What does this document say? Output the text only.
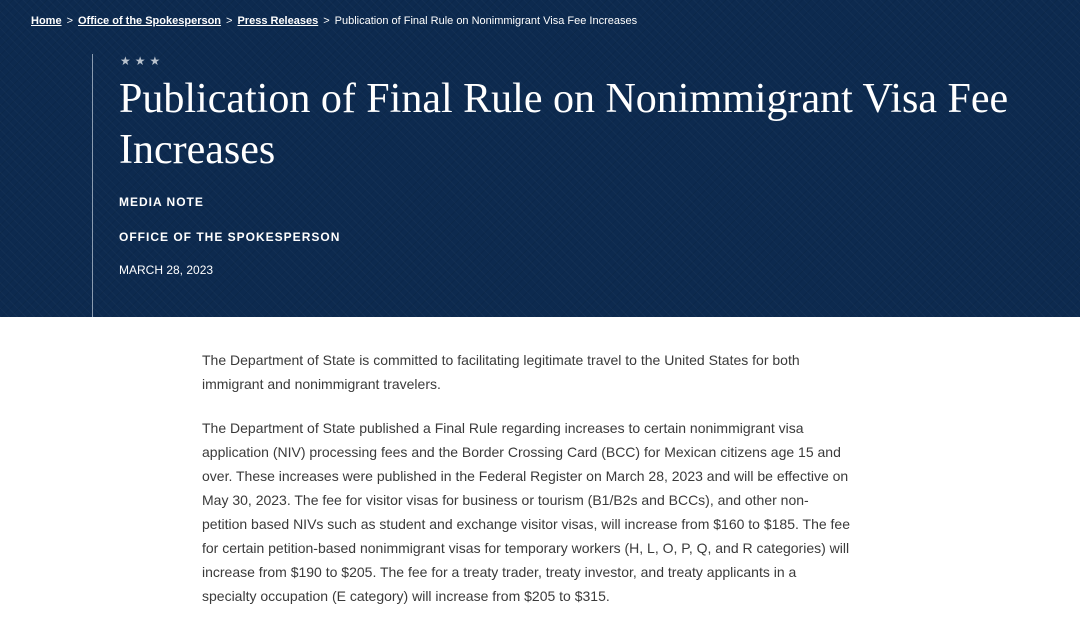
Home > Office of the Spokesperson > Press Releases > Publication of Final Rule on Nonimmigrant Visa Fee Increases
★★★
Publication of Final Rule on Nonimmigrant Visa Fee Increases
MEDIA NOTE
OFFICE OF THE SPOKESPERSON
MARCH 28, 2023

The Department of State is committed to facilitating legitimate travel to the United States for both immigrant and nonimmigrant travelers.

The Department of State published a Final Rule regarding increases to certain nonimmigrant visa application (NIV) processing fees and the Border Crossing Card (BCC) for Mexican citizens age 15 and over. These increases were published in the Federal Register on March 28, 2023 and will be effective on May 30, 2023. The fee for visitor visas for business or tourism (B1/B2s and BCCs), and other non-petition based NIVs such as student and exchange visitor visas, will increase from $160 to $185. The fee for certain petition-based nonimmigrant visas for temporary workers (H, L, O, P, Q, and R categories) will increase from $190 to $205. The fee for a treaty trader, treaty investor, and treaty applicants in a specialty occupation (E category) will increase from $205 to $315.
